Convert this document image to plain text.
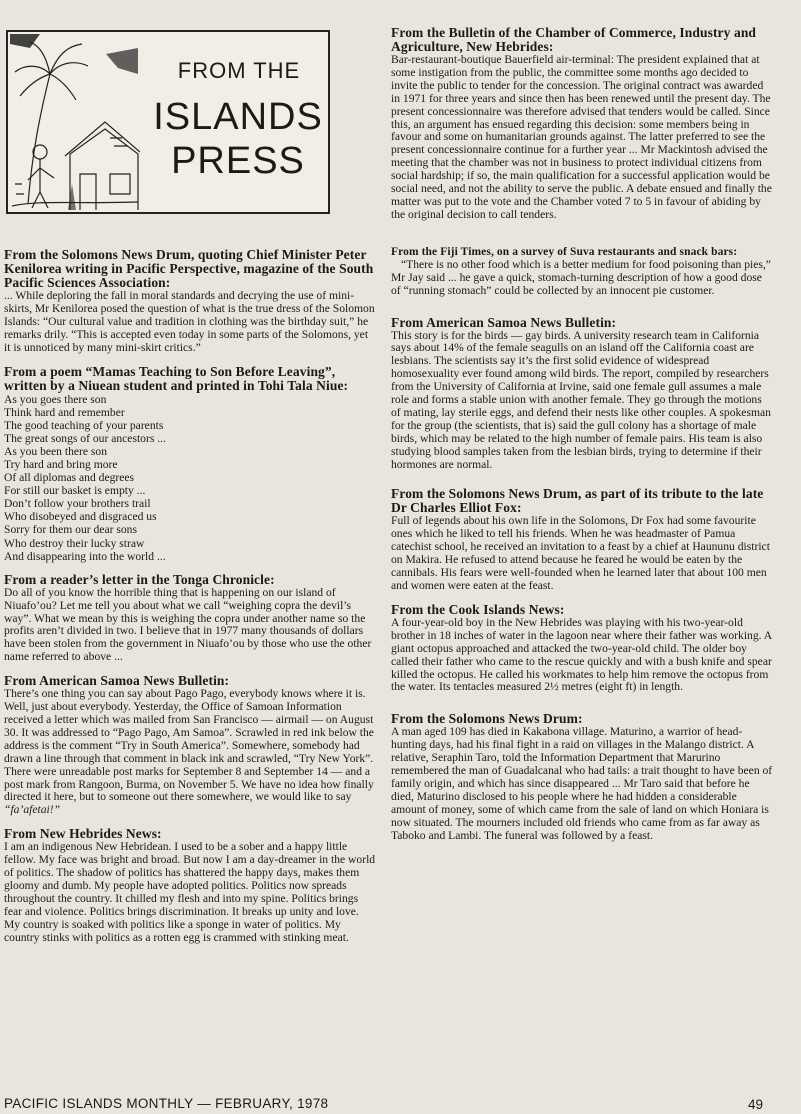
FROM THE
ISLANDS
PRESS

From the Solomons News Drum, quoting Chief Minister Peter Kenilorea writing in Pacific Perspective, magazine of the South Pacific Sciences Association:

... While deploring the fall in moral standards and decrying the use of mini-skirts, Mr Kenilorea posed the question of what is the true dress of the Solomon Islands: “Our cultural value and tradition in clothing was the birthday suit,” he remarks drily. “This is accepted even today in some parts of the Solomons, yet it is unnoticed by many mini-skirt critics.”

From a poem “Mamas Teaching to Son Before Leaving”, written by a Niuean student and printed in Tohi Tala Niue:

As you goes there son
Think hard and remember
The good teaching of your parents
The great songs of our ancestors ...
As you been there son
Try hard and bring more
Of all diplomas and degrees
For still our basket is empty ...
Don’t follow your brothers trail
Who disobeyed and disgraced us
Sorry for them our dear sons
Who destroy their lucky straw
And disappearing into the world ...

From a reader’s letter in the Tonga Chronicle:

Do all of you know the horrible thing that is happening on our island of Niuafo’ou? Let me tell you about what we call “weighing copra the devil’s way”. What we mean by this is weighing the copra under another name so the profits aren’t divided in two. I believe that in 1977 many thousands of dollars have been stolen from the government in Niuafo’ou by those who use the other name referred to above ...

From American Samoa News Bulletin:

There’s one thing you can say about Pago Pago, everybody knows where it is. Well, just about everybody. Yesterday, the Office of Samoan Information received a letter which was mailed from San Francisco — airmail — on August 30. It was addressed to “Pago Pago, Am Samoa”. Scrawled in red ink below the address is the comment “Try in South America”. Somewhere, somebody had drawn a line through that comment in black ink and scrawled, “Try New York”. There were unreadable post marks for September 8 and September 14 — and a post mark from Rangoon, Burma, on November 5. We have no idea how finally directed it here, but to someone out there somewhere, we would like to say “fa’afetai!”

From New Hebrides News:

I am an indigenous New Hebridean. I used to be a sober and a happy little fellow. My face was bright and broad. But now I am a day-dreamer in the world of politics. The shadow of politics has shattered the happy days, makes them gloomy and dumb. My people have adopted politics. Politics now spreads throughout the country. It chilled my flesh and into my spine. Politics brings fear and violence. Politics brings discrimination. It breaks up unity and love. My country is soaked with politics like a sponge in water of politics. My country stinks with politics as a rotten egg is crammed with stinking meat.

From the Bulletin of the Chamber of Commerce, Industry and Agriculture, New Hebrides:

Bar-restaurant-boutique Bauerfield air-terminal: The president explained that at some instigation from the public, the committee some months ago decided to invite the public to tender for the concession. The original contract was awarded in 1971 for three years and since then has been renewed until the present day. The present concessionnaire was therefore advised that tenders would be called. Since this, an argument has ensued regarding this decision: some members being in favour and some on humanitarian grounds against. The latter preferred to see the present concessionnaire continue for a further year ... Mr Mackintosh advised the meeting that the chamber was not in business to protect individual citizens from social hardship; if so, the main qualification for a successful application would be social need, and not the ability to serve the public. A debate ensued and finally the matter was put to the vote and the Chamber voted 7 to 5 in favour of abiding by the original decision to call tenders.

From the Fiji Times, on a survey of Suva restaurants and snack bars:

“There is no other food which is a better medium for food poisoning than pies,” Mr Jay said ... he gave a quick, stomach-turning description of how a good dose of “running stomach” could be collected by an innocent pie customer.

From American Samoa News Bulletin:

This story is for the birds — gay birds. A university research team in California says about 14% of the female seagulls on an island off the California coast are lesbians. The scientists say it’s the first solid evidence of widespread homosexuality ever found among wild birds. The report, compiled by researchers from the University of California at Irvine, said one female gull assumes a male role and forms a stable union with another female. They go through the motions of mating, lay sterile eggs, and defend their nests like other couples. A spokesman for the group (the scientists, that is) said the gull colony has a shortage of male birds, which may be related to the high number of female pairs. His team is also studying blood samples taken from the lesbian birds, trying to determine if their hormones are normal.

From the Solomons News Drum, as part of its tribute to the late Dr Charles Elliot Fox:

Full of legends about his own life in the Solomons, Dr Fox had some favourite ones which he liked to tell his friends. When he was headmaster of Pamua catechist school, he received an invitation to a feast by a chief at Haununu district on Makira. He refused to attend because he feared he would be eaten by the cannibals. His fears were well-founded when he learned later that about 100 men and women were eaten at the feast.

From the Cook Islands News:

A four-year-old boy in the New Hebrides was playing with his two-year-old brother in 18 inches of water in the lagoon near where their father was working. A giant octopus approached and attacked the two-year-old child. The older boy called their father who came to the rescue quickly and with a bush knife and spear killed the octopus. He called his workmates to help him remove the octopus from the water. Its tentacles measured 2½ metres (eight ft) in length.

From the Solomons News Drum:

A man aged 109 has died in Kakabona village. Maturino, a warrior of head-hunting days, had his final fight in a raid on villages in the Malango district. A relative, Seraphin Taro, told the Information Department that Marurino remembered the man of Guadalcanal who had tails: a trait thought to have been of family origin, and which has since disappeared ... Mr Taro said that before he died, Maturino disclosed to his people where he had hidden a considerable amount of money, some of which came from the sale of land on which Honiara is now situated. The mourners included old friends who came from as far away as Taboko and Lambi. The funeral was followed by a feast.

PACIFIC ISLANDS MONTHLY — FEBRUARY, 1978	49
